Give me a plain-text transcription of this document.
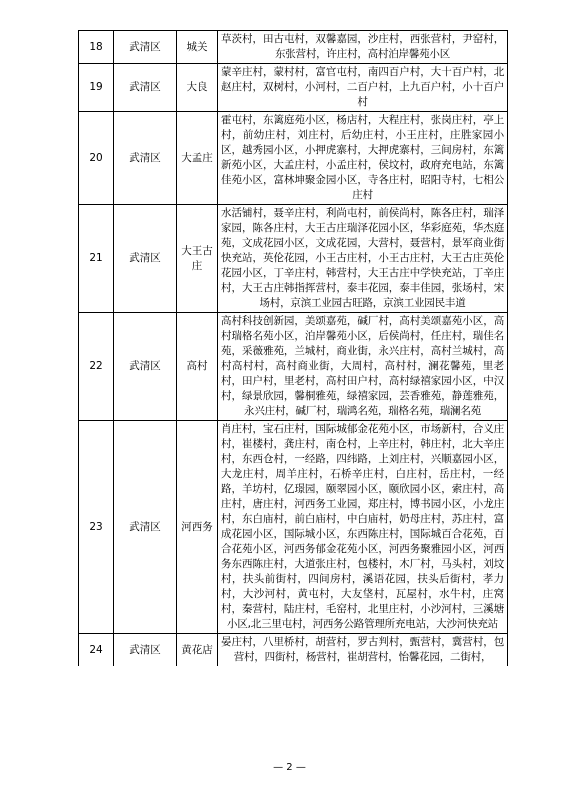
18	武清区	城关	草茨村，田古屯村，双馨嘉园，沙庄村，西张营村，尹窑村，东张营村，许庄村，高村泊岸馨苑小区
19	武清区	大良	蒙辛庄村，蒙村村，富官屯村，南四百户村，大十百户村，北赵庄村，双树村，小河村，二百户村，上九百户村，小十百户村
20	武清区	大孟庄	霍屯村，东篱庭苑小区，杨店村，大程庄村，张岗庄村，亭上村，前幼庄村，刘庄村，后幼庄村，小王庄村，庄胜家园小区，越秀园小区，小押虎寨村，大押虎寨村，三间房村，东篱新苑小区，大孟庄村，小孟庄村，侯坟村，政府充电站，东篱佳苑小区，富林坤聚金园小区，寺各庄村，昭阳寺村，七相公庄村
21	武清区	大王古庄	水活铺村，聂辛庄村，利尚屯村，前侯尚村，陈各庄村，瑞泽家园，陈各庄村，大王古庄瑞泽花园小区，华彩庭苑，华杰庭苑，文成花园小区，文成花园，大营村，聂营村，景军商业街快充站，英伦花园，小王古庄村，小王古庄村，大王古庄英伦花园小区，丁辛庄村，韩营村，大王古庄中学快充站，丁辛庄村，大王古庄韩指挥营村，泰丰花园，泰丰佳园，张场村，宋场村，京滨工业园古旺路，京滨工业园民丰道
22	武清区	高村	高村科技创新园，美颂嘉苑，碱厂村，高村美颂嘉苑小区，高村瑞格名苑小区，泊岸馨苑小区，后侯尚村，任庄村，瑞佳名苑，采薇雅苑，兰城村，商业街，永兴庄村，高村兰城村，高村高村村，高村商业街，大周村，高村村，澜花馨苑，里老村，田户村，里老村，高村田户村，高村绿禧家园小区，中汉村，绿景欣园，馨桐雅苑，绿禧家园，芸香雅苑，静莲雅苑，永兴庄村，碱厂村，瑞鸿名苑，瑞格名苑，瑞澜名苑
23	武清区	河西务	肖庄村，宝石庄村，国际城郁金花苑小区，市场新村，合义庄村，崔楼村，龚庄村，南仓村，上辛庄村，韩庄村，北大辛庄村，东西仓村，一经路，四纬路，上刘庄村，兴顺嘉园小区，大龙庄村，周羊庄村，石桥辛庄村，白庄村，岳庄村，一经路，羊坊村，亿璟园，颐翠园小区，颐欣园小区，索庄村，高庄村，唐庄村，河西务工业园，郑庄村，博书园小区，小龙庄村，东白庙村，前白庙村，中白庙村，奶母庄村，苏庄村，富成花园小区，国际城小区，东西陈庄村，国际城百合花苑，百合花苑小区，河西务郁金花苑小区，河西务聚雅园小区，河西务东西陈庄村，大道张庄村，包楼村，木厂村，马头村，刘坟村，扶头前街村，四间房村，溪语花园，扶头后街村，孝力村，大沙河村，黄屯村，大友垡村，瓦屋村，水牛村，庄窝村，秦营村，陆庄村，毛窑村，北里庄村，小沙河村，三溪塘小区,北三里屯村，河西务公路管理所充电站，大沙河快充站
24	武清区	黄花店	晏庄村，八里桥村，胡营村，罗古判村，甄营村，冀营村，包营村，四街村，杨营村，崔胡营村，怡馨花园，二街村，
— 2 —
